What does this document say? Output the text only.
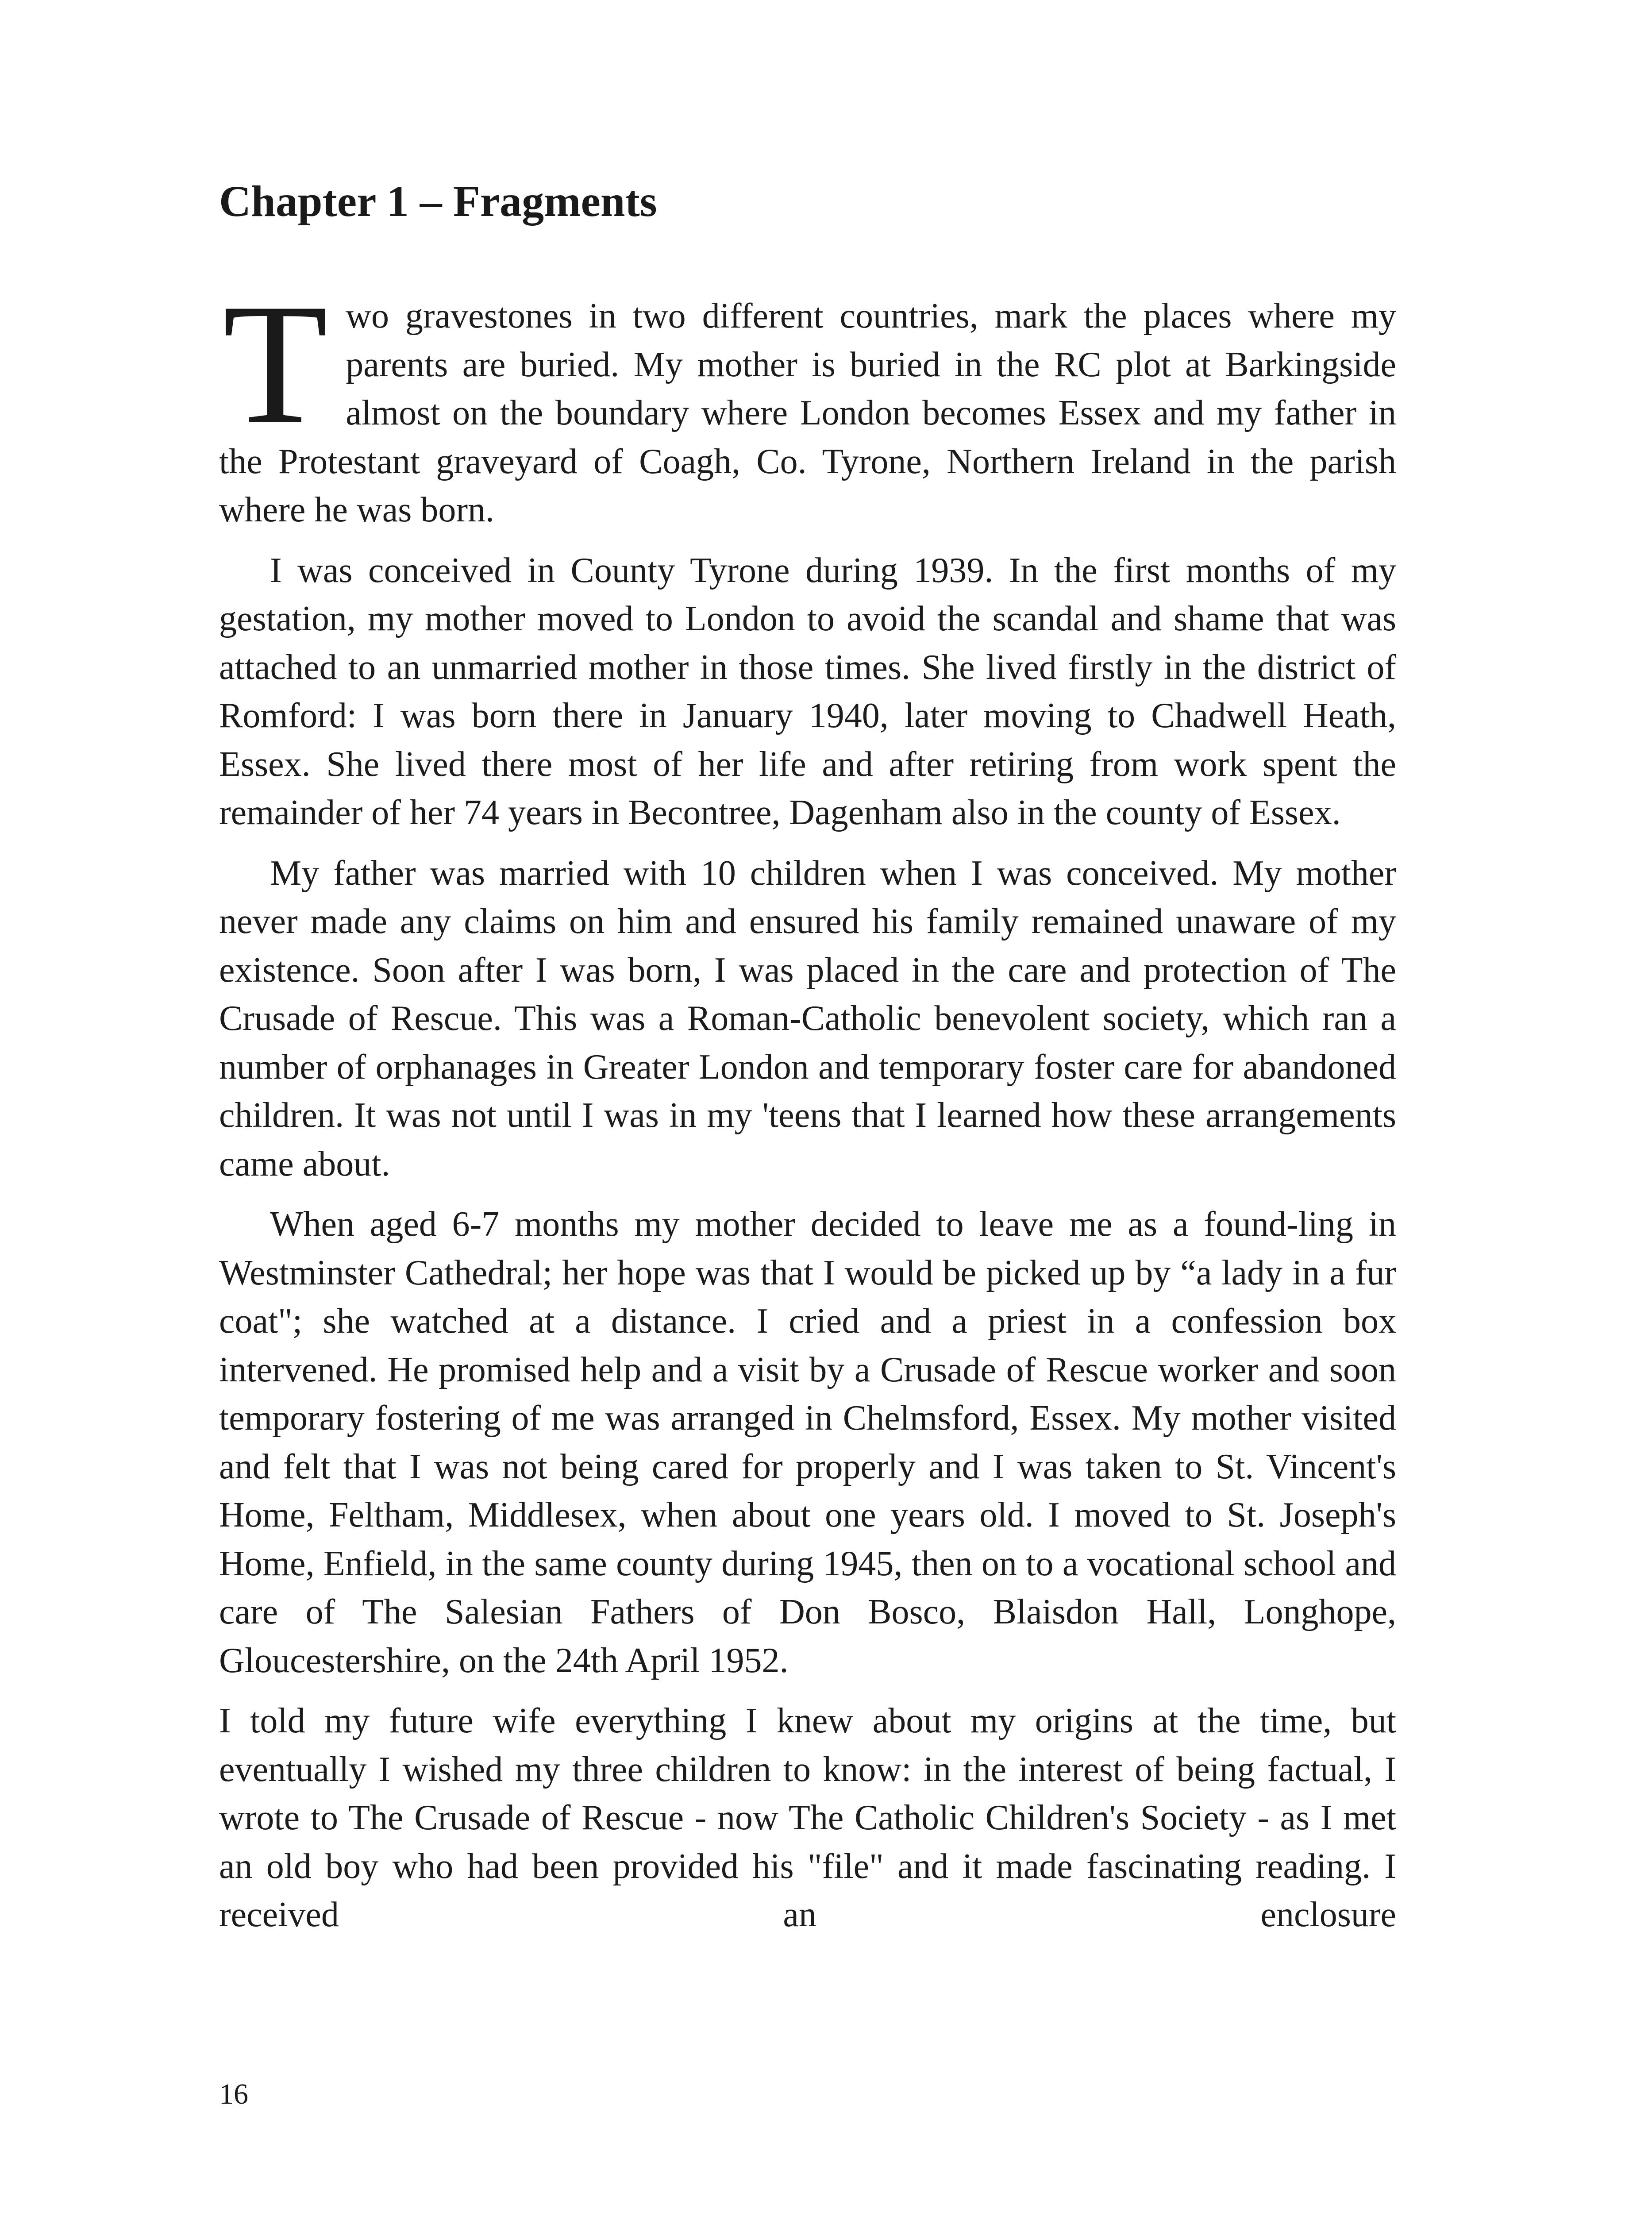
Chapter 1 – Fragments

Two gravestones in two different countries, mark the places where my parents are buried. My mother is buried in the RC plot at Barkingside almost on the boundary where London becomes Essex and my father in the Protestant graveyard of Coagh, Co. Tyrone, Northern Ireland in the parish where he was born.

I was conceived in County Tyrone during 1939. In the first months of my gestation, my mother moved to London to avoid the scandal and shame that was attached to an unmarried mother in those times. She lived firstly in the district of Romford: I was born there in January 1940, later moving to Chadwell Heath, Essex. She lived there most of her life and after retiring from work spent the remainder of her 74 years in Becontree, Dagenham also in the county of Essex.

My father was married with 10 children when I was conceived. My mother never made any claims on him and ensured his family remained unaware of my existence. Soon after I was born, I was placed in the care and protection of The Crusade of Rescue. This was a Roman-Catholic benevolent society, which ran a number of orphanages in Greater London and temporary foster care for abandoned children. It was not until I was in my 'teens that I learned how these arrangements came about.

When aged 6-7 months my mother decided to leave me as a found-ling in Westminster Cathedral; her hope was that I would be picked up by “a lady in a fur coat"; she watched at a distance. I cried and a priest in a confession box intervened. He promised help and a visit by a Crusade of Rescue worker and soon temporary fostering of me was arranged in Chelmsford, Essex. My mother visited and felt that I was not being cared for properly and I was taken to St. Vincent's Home, Feltham, Middlesex, when about one years old. I moved to St. Joseph's Home, Enfield, in the same county during 1945, then on to a vocational school and care of The Salesian Fathers of Don Bosco, Blaisdon Hall, Longhope, Gloucestershire, on the 24th April 1952.

I told my future wife everything I knew about my origins at the time, but eventually I wished my three children to know: in the interest of being factual, I wrote to The Crusade of Rescue - now The Catholic Children's Society - as I met an old boy who had been provided his "file" and it made fascinating reading. I received an enclosure

16
